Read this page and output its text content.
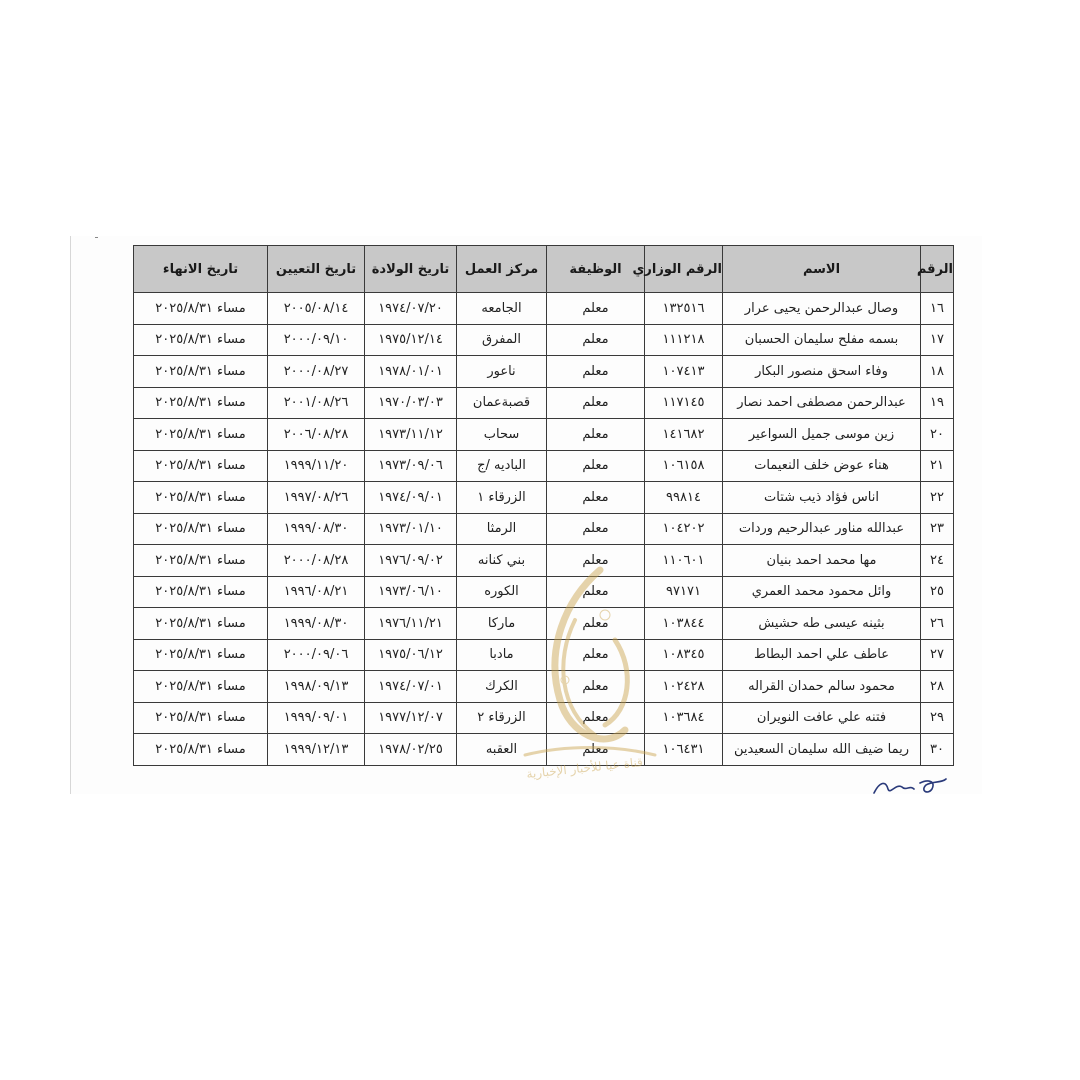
الرقم	الاسم	الرقم الوزاري	الوظيفة	مركز العمل	تاريخ الولادة	تاريخ التعيين	تاريخ الانهاء
١٦	وصال عبدالرحمن يحيى عرار	١٣٢٥١٦	معلم	الجامعه	١٩٧٤/٠٧/٢٠	٢٠٠٥/٠٨/١٤	مساء ٢٠٢٥/٨/٣١
١٧	بسمه مفلح سليمان الحسبان	١١١٢١٨	معلم	المفرق	١٩٧٥/١٢/١٤	٢٠٠٠/٠٩/١٠	مساء ٢٠٢٥/٨/٣١
١٨	وفاء اسحق منصور البكار	١٠٧٤١٣	معلم	ناعور	١٩٧٨/٠١/٠١	٢٠٠٠/٠٨/٢٧	مساء ٢٠٢٥/٨/٣١
١٩	عبدالرحمن مصطفى احمد نصار	١١٧١٤٥	معلم	قصبةعمان	١٩٧٠/٠٣/٠٣	٢٠٠١/٠٨/٢٦	مساء ٢٠٢٥/٨/٣١
٢٠	زين موسى جميل السواعير	١٤١٦٨٢	معلم	سحاب	١٩٧٣/١١/١٢	٢٠٠٦/٠٨/٢٨	مساء ٢٠٢٥/٨/٣١
٢١	هناء عوض خلف النعيمات	١٠٦١٥٨	معلم	الباديه /ج	١٩٧٣/٠٩/٠٦	١٩٩٩/١١/٢٠	مساء ٢٠٢٥/٨/٣١
٢٢	اناس فؤاد ذيب شتات	٩٩٨١٤	معلم	الزرقاء ١	١٩٧٤/٠٩/٠١	١٩٩٧/٠٨/٢٦	مساء ٢٠٢٥/٨/٣١
٢٣	عبدالله مناور عبدالرحيم وردات	١٠٤٢٠٢	معلم	الرمثا	١٩٧٣/٠١/١٠	١٩٩٩/٠٨/٣٠	مساء ٢٠٢٥/٨/٣١
٢٤	مها محمد احمد بنيان	١١٠٦٠١	معلم	بني كنانه	١٩٧٦/٠٩/٠٢	٢٠٠٠/٠٨/٢٨	مساء ٢٠٢٥/٨/٣١
٢٥	وائل محمود محمد العمري	٩٧١٧١	معلم	الكوره	١٩٧٣/٠٦/١٠	١٩٩٦/٠٨/٢١	مساء ٢٠٢٥/٨/٣١
٢٦	بثينه عيسى طه حشيش	١٠٣٨٤٤	معلم	ماركا	١٩٧٦/١١/٢١	١٩٩٩/٠٨/٣٠	مساء ٢٠٢٥/٨/٣١
٢٧	عاطف علي احمد البطاط	١٠٨٣٤٥	معلم	مادبا	١٩٧٥/٠٦/١٢	٢٠٠٠/٠٩/٠٦	مساء ٢٠٢٥/٨/٣١
٢٨	محمود سالم حمدان القراله	١٠٢٤٢٨	معلم	الكرك	١٩٧٤/٠٧/٠١	١٩٩٨/٠٩/١٣	مساء ٢٠٢٥/٨/٣١
٢٩	فتنه علي عافت النويران	١٠٣٦٨٤	معلم	الزرقاء ٢	١٩٧٧/١٢/٠٧	١٩٩٩/٠٩/٠١	مساء ٢٠٢٥/٨/٣١
٣٠	ريما ضيف الله سليمان السعيدين	١٠٦٤٣١	معلم	العقبه	١٩٧٨/٠٢/٢٥	١٩٩٩/١٢/١٣	مساء ٢٠٢٥/٨/٣١
قناة عيا للأخبار الإخبارية
